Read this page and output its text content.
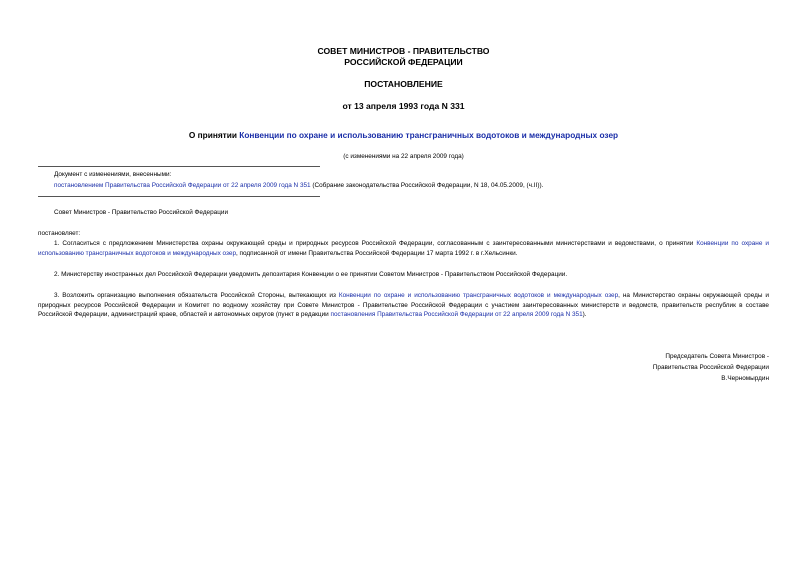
СОВЕТ МИНИСТРОВ - ПРАВИТЕЛЬСТВО
РОССИЙСКОЙ ФЕДЕРАЦИИ
ПОСТАНОВЛЕНИЕ
от 13 апреля 1993 года N 331
О принятии Конвенции по охране и использованию трансграничных водотоков и международных озер
(с изменениями на 22 апреля 2009 года)
Документ с изменениями, внесенными:
постановлением Правительства Российской Федерации от 22 апреля 2009 года N 351 (Собрание законодательства Российской Федерации, N 18, 04.05.2009, (ч.II)).
Совет Министров - Правительство Российской Федерации
постановляет:
1. Согласиться с предложением Министерства охраны окружающей среды и природных ресурсов Российской Федерации, согласованным с заинтересованными министерствами и ведомствами, о принятии Конвенции по охране и использованию трансграничных водотоков и международных озер, подписанной от имени Правительства Российской Федерации 17 марта 1992 г. в г.Хельсинки.
2. Министерству иностранных дел Российской Федерации уведомить депозитария Конвенции о ее принятии Советом Министров - Правительством Российской Федерации.
3. Возложить организацию выполнения обязательств Российской Стороны, вытекающих из Конвенции по охране и использованию трансграничных водотоков и международных озер, на Министерство охраны окружающей среды и природных ресурсов Российской Федерации и Комитет по водному хозяйству при Совете Министров - Правительстве Российской Федерации с участием заинтересованных министерств и ведомств, правительств республик в составе Российской Федерации, администраций краев, областей и автономных округов (пункт в редакции постановления Правительства Российской Федерации от 22 апреля 2009 года N 351).
Председатель Совета Министров -
Правительства Российской Федерации
В.Черномырдин
